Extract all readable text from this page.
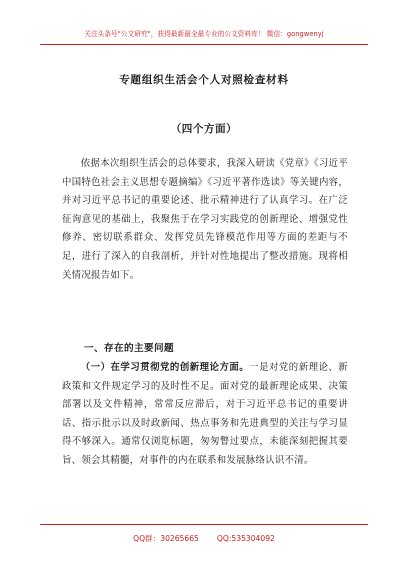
关注头条号"公文研究"，获得最新最全最专业的公文资料库！ 微信：gongwenyj
专题组织生活会个人对照检查材料
（四个方面）

依据本次组织生活会的总体要求，我深入研读《党章》《习近平中国特色社会主义思想专题摘编》《习近平著作选读》等关键内容，并对习近平总书记的重要论述、批示精神进行了认真学习。在广泛征询意见的基础上，我聚焦于在学习实践党的创新理论、增强党性修养、密切联系群众、发挥党员先锋模范作用等方面的差距与不足，进行了深入的自我剖析，并针对性地提出了整改措施。现将相关情况报告如下。

一、存在的主要问题

（一）在学习贯彻党的创新理论方面。一是对党的新理论、新政策和文件规定学习的及时性不足。面对党的最新理论成果、决策部署以及文件精神，常常反应滞后，对于习近平总书记的重要讲话、指示批示以及时政新闻、热点事务和先进典型的关注与学习显得不够深入。通常仅浏览标题，匆匆瞥过要点，未能深刻把握其要旨、领会其精髓，对事件的内在联系和发展脉络认识不清。

QQ群：30265665 QQ:535304092
